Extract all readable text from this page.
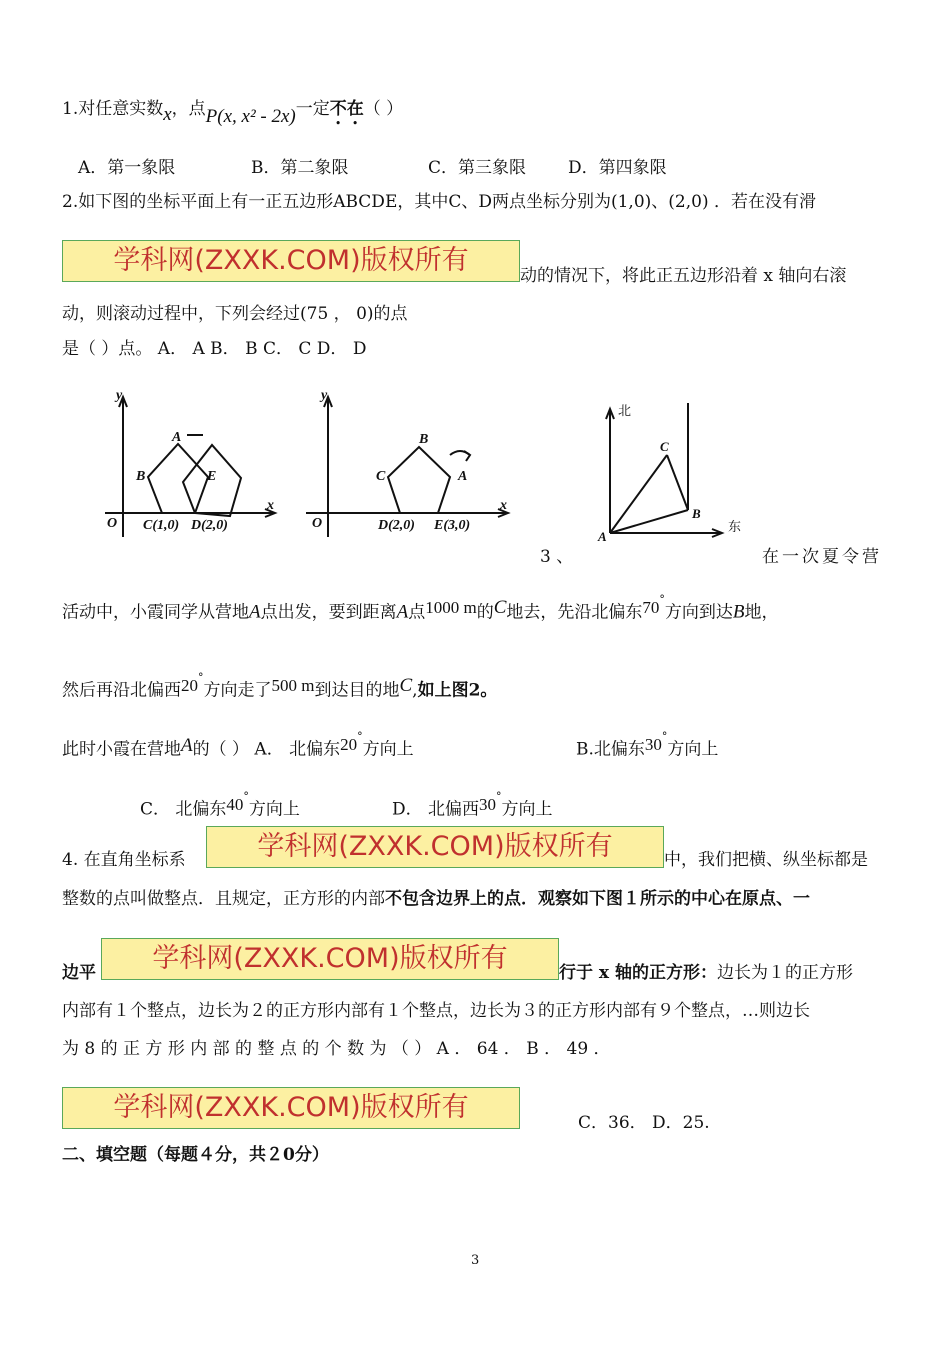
1.对任意实数x，点P(x, x² - 2x)一定不在（ ）
A．第一象限	B．第二象限	C．第三象限 D．第四象限
2.如下图的坐标平面上有一正五边形ABCDE，其中C、D两点坐标分别为(1,0)、(2,0) ．若在没有滑
学科网(ZXXK.COM)版权所有	动的情况下，将此正五边形沿着 x 轴向右滚
动，则滚动过程中，下列会经过(75 ， 0)的点
是（ ）点。 A． A B． B C． C D． D
y
x
O
A
B	E
C(1,0) D(2,0)
y
x
O
B
C	A
D(2,0) E(3,0)
北
东
C
B
A
3 、	在一次夏令营
活动中，小霞同学从营地A点出发，要到距离A点1000 m的C地去，先沿北偏东70°方向到达B地，
然后再沿北偏西20°方向走了500 m到达目的地C,如上图2。
此时小霞在营地A的（ ） A． 北偏东20°方向上	B.北偏东30°方向上
C． 北偏东40°方向上	D． 北偏西30°方向上
4. 在直角坐标系	学科网(ZXXK.COM)版权所有	中，我们把横、纵坐标都是
整数的点叫做整点．且规定，正方形的内部不包含边界上的点．观察如下图１所示的中心在原点、一
边平	学科网(ZXXK.COM)版权所有	行于 x 轴的正方形：边长为１的正方形
内部有１个整点，边长为２的正方形内部有１个整点，边长为３的正方形内部有９个整点，…则边长
为 8 的 正 方 形 内 部 的 整 点 的 个 数 为 （ ） A ． 64 ． B ． 49 ．
学科网(ZXXK.COM)版权所有	C．36． D．25.
二、填空题（每题４分，共２0分）
3
